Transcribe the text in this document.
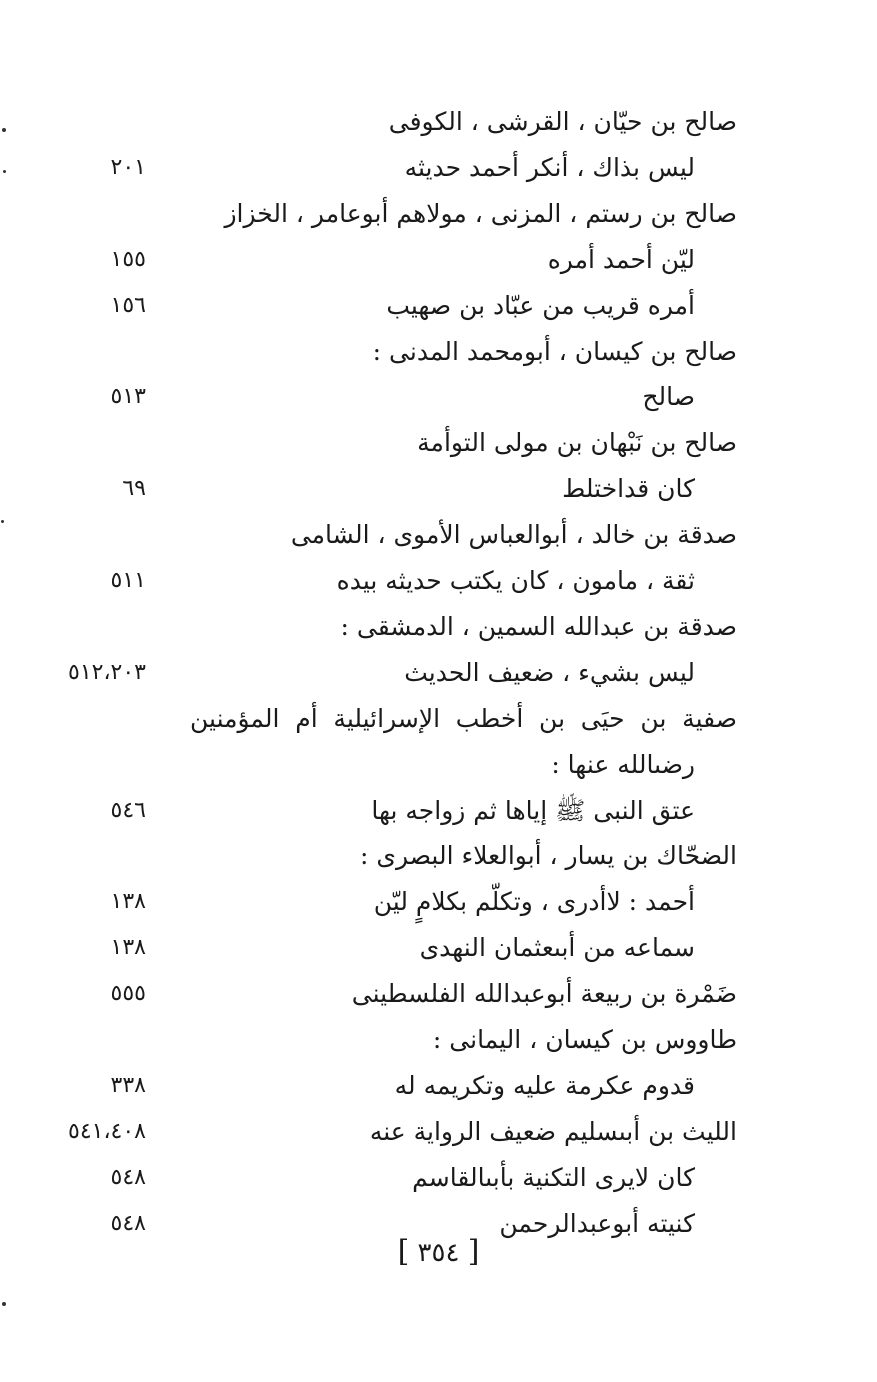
صالح بن حيّان ، القرشى ، الكوفى
ليس بذاك ، أنكر أحمد حديثه
٢٠١
صالح بن رستم ، المزنى ، مولاهم أبوعامر ، الخزاز
ليّن أحمد أمره
١٥٥
أمره قريب من عبّاد بن صهيب
١٥٦
صالح بن كيسان ، أبومحمد المدنى :
صالح
٥١٣
صالح بن نَبْهان بن مولى التوأمة
كان قداختلط
٦٩
صدقة بن خالد ، أبوالعباس الأموى ، الشامى
ثقة ، مامون ، كان يكتب حديثه بيده
٥١١
صدقة بن عبدالله السمين ، الدمشقى :
ليس بشيء ، ضعيف الحديث
٥١٢،٢٠٣
صفية بن حيَى بن أخطب الإسرائيلية أم المؤمنين
رضىالله عنها :
عتق النبى ﷺ إياها ثم زواجه بها
٥٤٦
الضحّاك بن يسار ، أبوالعلاء البصرى :
أحمد : لاأدرى ، وتكلّم بكلامٍ ليّن
١٣٨
سماعه من أبىعثمان النهدى
١٣٨
ضَمْرة بن ربيعة أبوعبدالله الفلسطينى
٥٥٥
طاووس بن كيسان ، اليمانى :
قدوم عكرمة عليه وتكريمه له
٣٣٨
الليث بن أبىسليم ضعيف الرواية عنه
٥٤١،٤٠٨
كان لايرى التكنية بأبىالقاسم
٥٤٨
كنيته أبوعبدالرحمن
٥٤٨
[ ٣٥٤ ]
